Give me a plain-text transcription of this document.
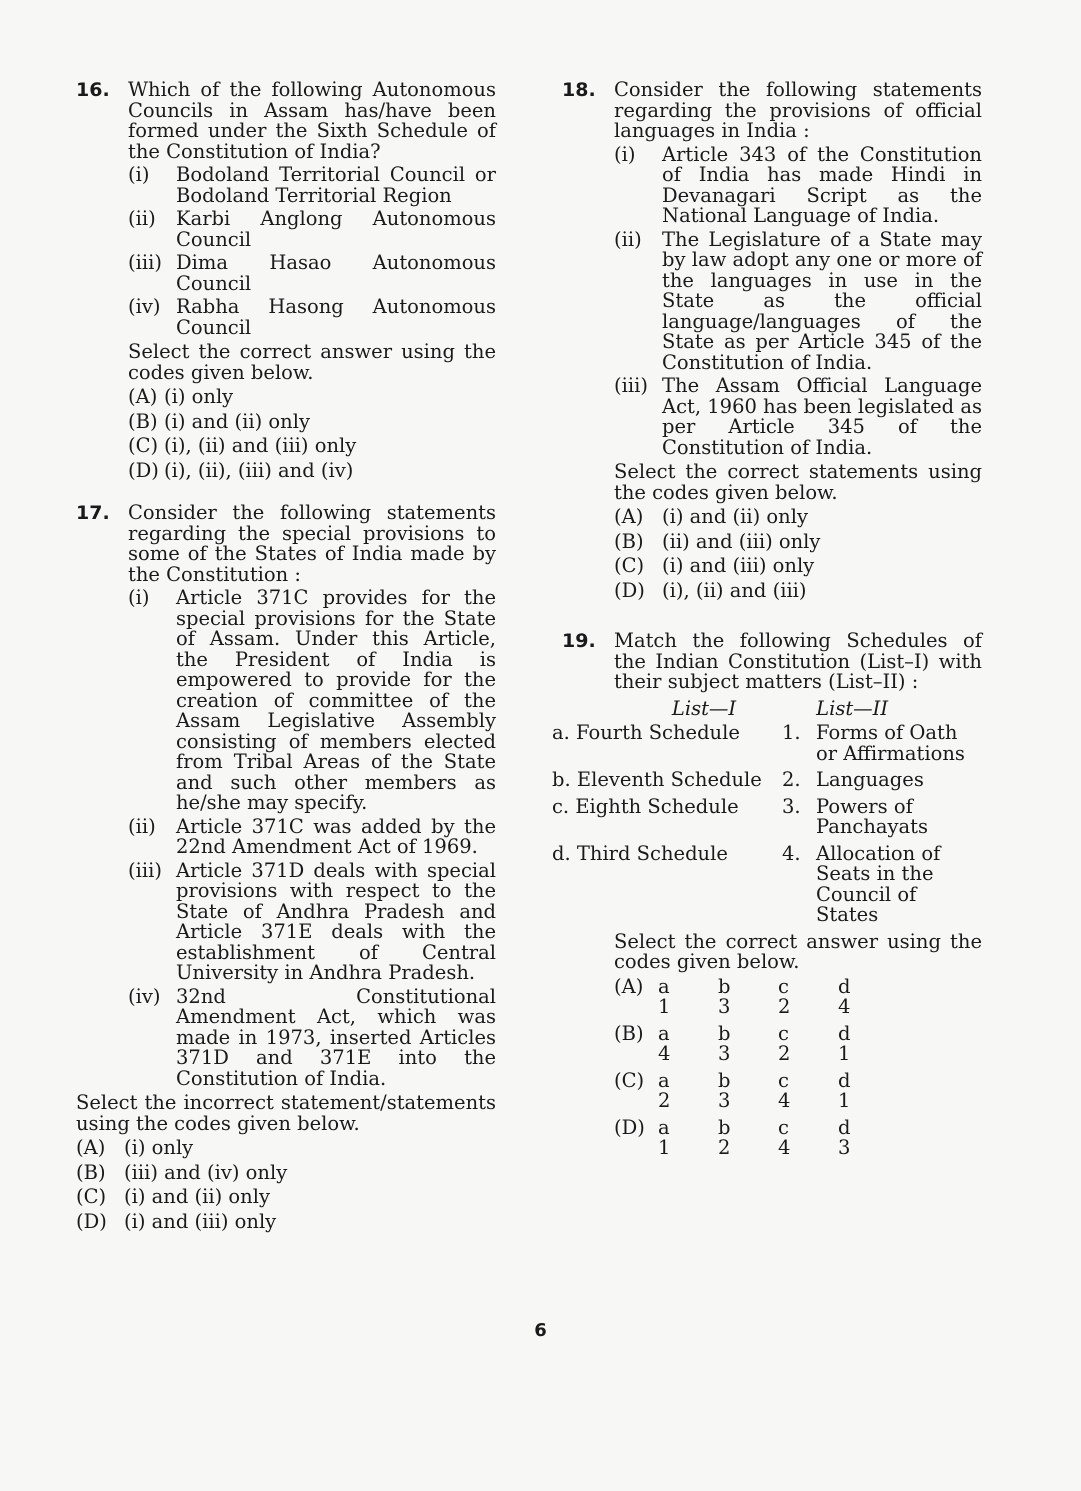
16. Which of the following Autonomous Councils in Assam has/have been formed under the Sixth Schedule of the Constitution of India?
(i)	Bodoland Territorial Council or Bodoland Territorial Region
(ii)	Karbi Anglong Autonomous Council
(iii) Dima Hasao Autonomous Council
(iv) Rabha Hasong Autonomous Council
Select the correct answer using the codes given below.
(A) (i) only
(B) (i) and (ii) only
(C) (i), (ii) and (iii) only
(D) (i), (ii), (iii) and (iv)
17. Consider the following statements regarding the special provisions to some of the States of India made by the Constitution :
(i)	Article 371C provides for the special provisions for the State of Assam. Under this Article, the President of India is empowered to provide for the creation of committee of the Assam Legislative Assembly consisting of members elected from Tribal Areas of the State and such other members as he/she may specify.
(ii)	Article 371C was added by the 22nd Amendment Act of 1969.
(iii) Article 371D deals with special provisions with respect to the State of Andhra Pradesh and Article 371E deals with the establishment of Central University in Andhra Pradesh.
(iv) 32nd Constitutional Amendment Act, which was made in 1973, inserted Articles 371D and 371E into the Constitution of India.
Select the incorrect statement/statements using the codes given below.
(A) (i) only
(B) (iii) and (iv) only
(C) (i) and (ii) only
(D) (i) and (iii) only
18. Consider the following statements regarding the provisions of official languages in India :
(i)	Article 343 of the Constitution of India has made Hindi in Devanagari Script as the National Language of India.
(ii)	The Legislature of a State may by law adopt any one or more of the languages in use in the State as the official language/languages of the State as per Article 345 of the Constitution of India.
(iii) The Assam Official Language Act, 1960 has been legislated as per Article 345 of the Constitution of India.
Select the correct statements using the codes given below.
(A) (i) and (ii) only
(B) (ii) and (iii) only
(C) (i) and (iii) only
(D) (i), (ii) and (iii)
19. Match the following Schedules of the Indian Constitution (List–I) with their subject matters (List–II) :
List—I	List—II
a. Fourth Schedule	1. Forms of Oath or Affirmations
b. Eleventh Schedule	2. Languages
c. Eighth Schedule	3. Powers of Panchayats
d. Third Schedule	4. Allocation of Seats in the Council of States
Select the correct answer using the codes given below.
(A) a	b	c	d
1	3	2	4
(B) a	b	c	d
4	3	2	1
(C) a	b	c	d
2	3	4	1
(D) a	b	c	d
1	2	4	3
6
